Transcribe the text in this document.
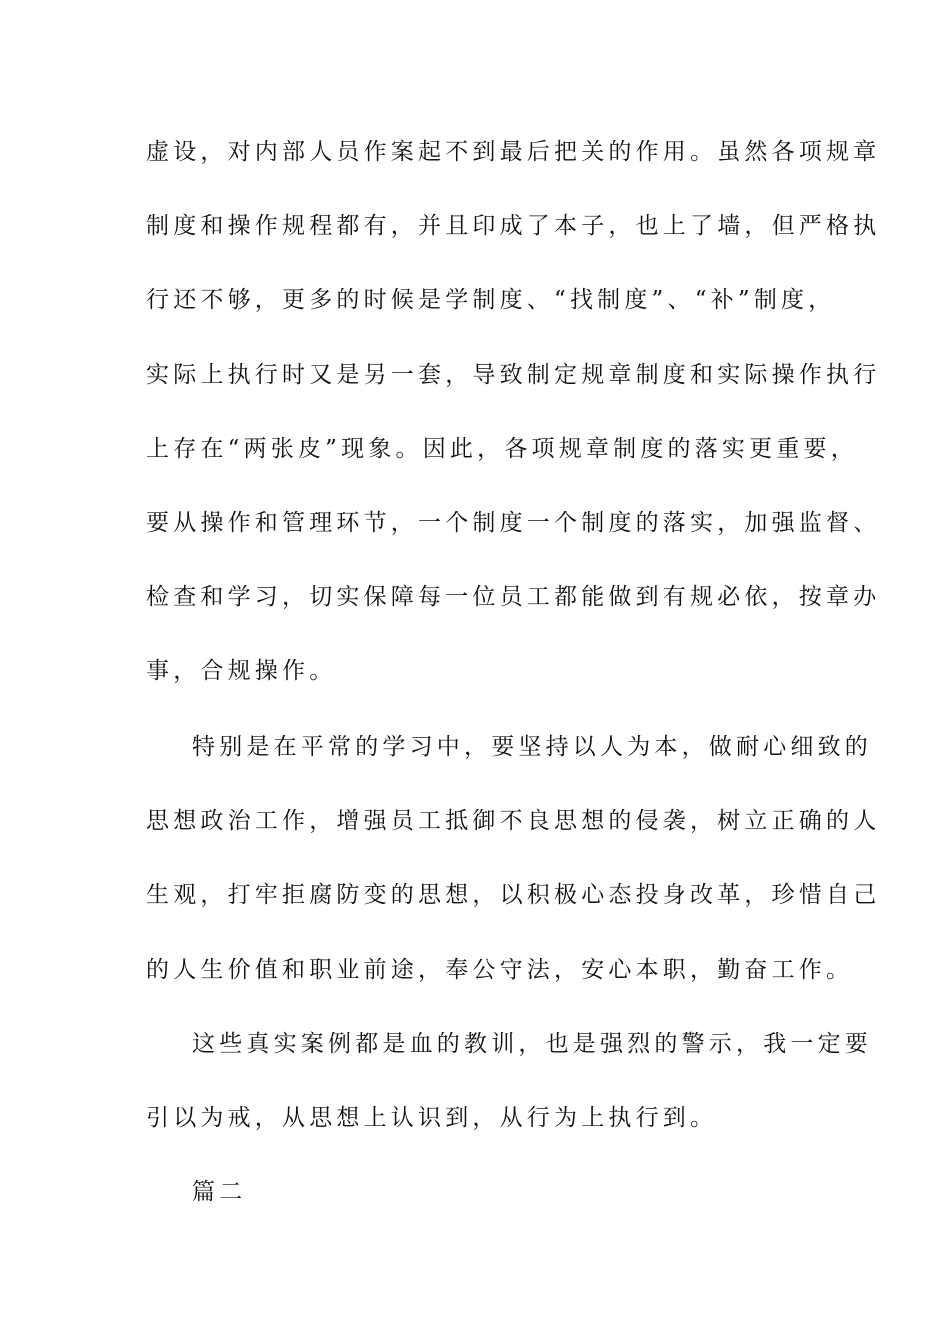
虚设，对内部人员作案起不到最后把关的作用。虽然各项规章
制度和操作规程都有，并且印成了本子，也上了墙，但严格执
行还不够，更多的时候是学制度、“找制度”、“补”制度，
实际上执行时又是另一套，导致制定规章制度和实际操作执行
上存在“两张皮”现象。因此，各项规章制度的落实更重要，
要从操作和管理环节，一个制度一个制度的落实，加强监督、
检查和学习，切实保障每一位员工都能做到有规必依，按章办
事，合规操作。
特别是在平常的学习中，要坚持以人为本，做耐心细致的
思想政治工作，增强员工抵御不良思想的侵袭，树立正确的人
生观，打牢拒腐防变的思想，以积极心态投身改革，珍惜自己
的人生价值和职业前途，奉公守法，安心本职，勤奋工作。
这些真实案例都是血的教训，也是强烈的警示，我一定要
引以为戒，从思想上认识到，从行为上执行到。
篇二
